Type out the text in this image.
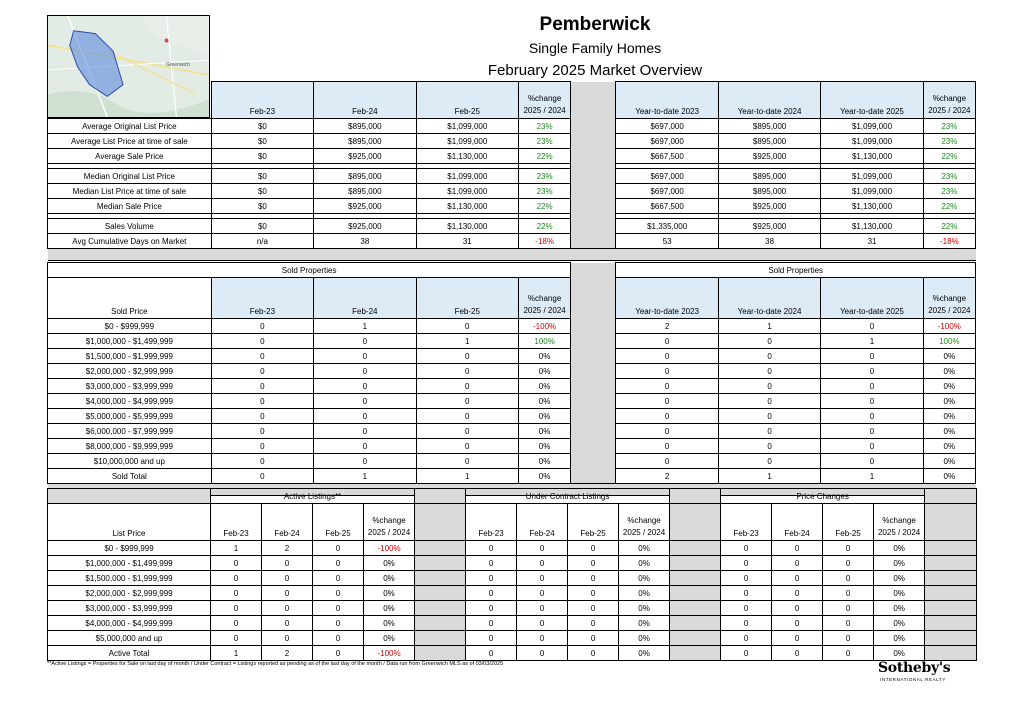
Greenwich
Pemberwick
Single Family Homes
February 2025 Market Overview
	Feb-23	Feb-24	Feb-25	%change 2025 / 2024		Year-to-date 2023	Year-to-date 2024	Year-to-date 2025	%change 2025 / 2024
Average Original List Price	$0	$895,000	$1,099,000	23%		$697,000	$895,000	$1,099,000	23%
Average List Price at time of sale	$0	$895,000	$1,099,000	23%		$697,000	$895,000	$1,099,000	23%
Average Sale Price	$0	$925,000	$1,130,000	22%		$667,500	$925,000	$1,130,000	22%

Median Original List Price	$0	$895,000	$1,099,000	23%		$697,000	$895,000	$1,099,000	23%
Median List Price at time of sale	$0	$895,000	$1,099,000	23%		$697,000	$895,000	$1,099,000	23%
Median Sale Price	$0	$925,000	$1,130,000	22%		$667,500	$925,000	$1,130,000	22%

Sales Volume	$0	$925,000	$1,130,000	22%		$1,335,000	$925,000	$1,130,000	22%
Avg Cumulative Days on Market	n/a	38	31	-18%		53	38	31	-18%

Sold Properties						Sold Properties			
Sold Price	Feb-23	Feb-24	Feb-25	%change 2025 / 2024		Year-to-date 2023	Year-to-date 2024	Year-to-date 2025	%change 2025 / 2024
$0 - $999,999	0	1	0	-100%		2	1	0	-100%
$1,000,000 - $1,499,999	0	0	1	100%		0	0	1	100%
$1,500,000 - $1,999,999	0	0	0	0%		0	0	0	0%
$2,000,000 - $2,999,999	0	0	0	0%		0	0	0	0%
$3,000,000 - $3,999,999	0	0	0	0%		0	0	0	0%
$4,000,000 - $4,999,999	0	0	0	0%		0	0	0	0%
$5,000,000 - $5,999,999	0	0	0	0%		0	0	0	0%
$6,000,000 - $7,999,999	0	0	0	0%		0	0	0	0%
$8,000,000 - $9,999,999	0	0	0	0%		0	0	0	0%
$10,000,000 and up	0	0	0	0%		0	0	0	0%
Sold Total	0	1	1	0%		2	1	1	0%

	Active Listings**					Under Contract Listings					Price Changes				
List Price	Feb-23	Feb-24	Feb-25	%change 2025 / 2024		Feb-23	Feb-24	Feb-25	%change 2025 / 2024		Feb-23	Feb-24	Feb-25	%change 2025 / 2024	
$0 - $999,999	1	2	0	-100%		0	0	0	0%		0	0	0	0%	
$1,000,000 - $1,499,999	0	0	0	0%		0	0	0	0%		0	0	0	0%	
$1,500,000 - $1,999,999	0	0	0	0%		0	0	0	0%		0	0	0	0%	
$2,000,000 - $2,999,999	0	0	0	0%		0	0	0	0%		0	0	0	0%	
$3,000,000 - $3,999,999	0	0	0	0%		0	0	0	0%		0	0	0	0%	
$4,000,000 - $4,999,999	0	0	0	0%		0	0	0	0%		0	0	0	0%	
$5,000,000 and up	0	0	0	0%		0	0	0	0%		0	0	0	0%	
Active Total	1	2	0	-100%		0	0	0	0%		0	0	0	0%	
**Active Listings = Properties for Sale on last day of month / Under Contract = Listings reported as pending as of the last day of the month / Data run from Greenwich MLS as of 03/03/2025	Sotheby's
INTERNATIONAL REALTY
